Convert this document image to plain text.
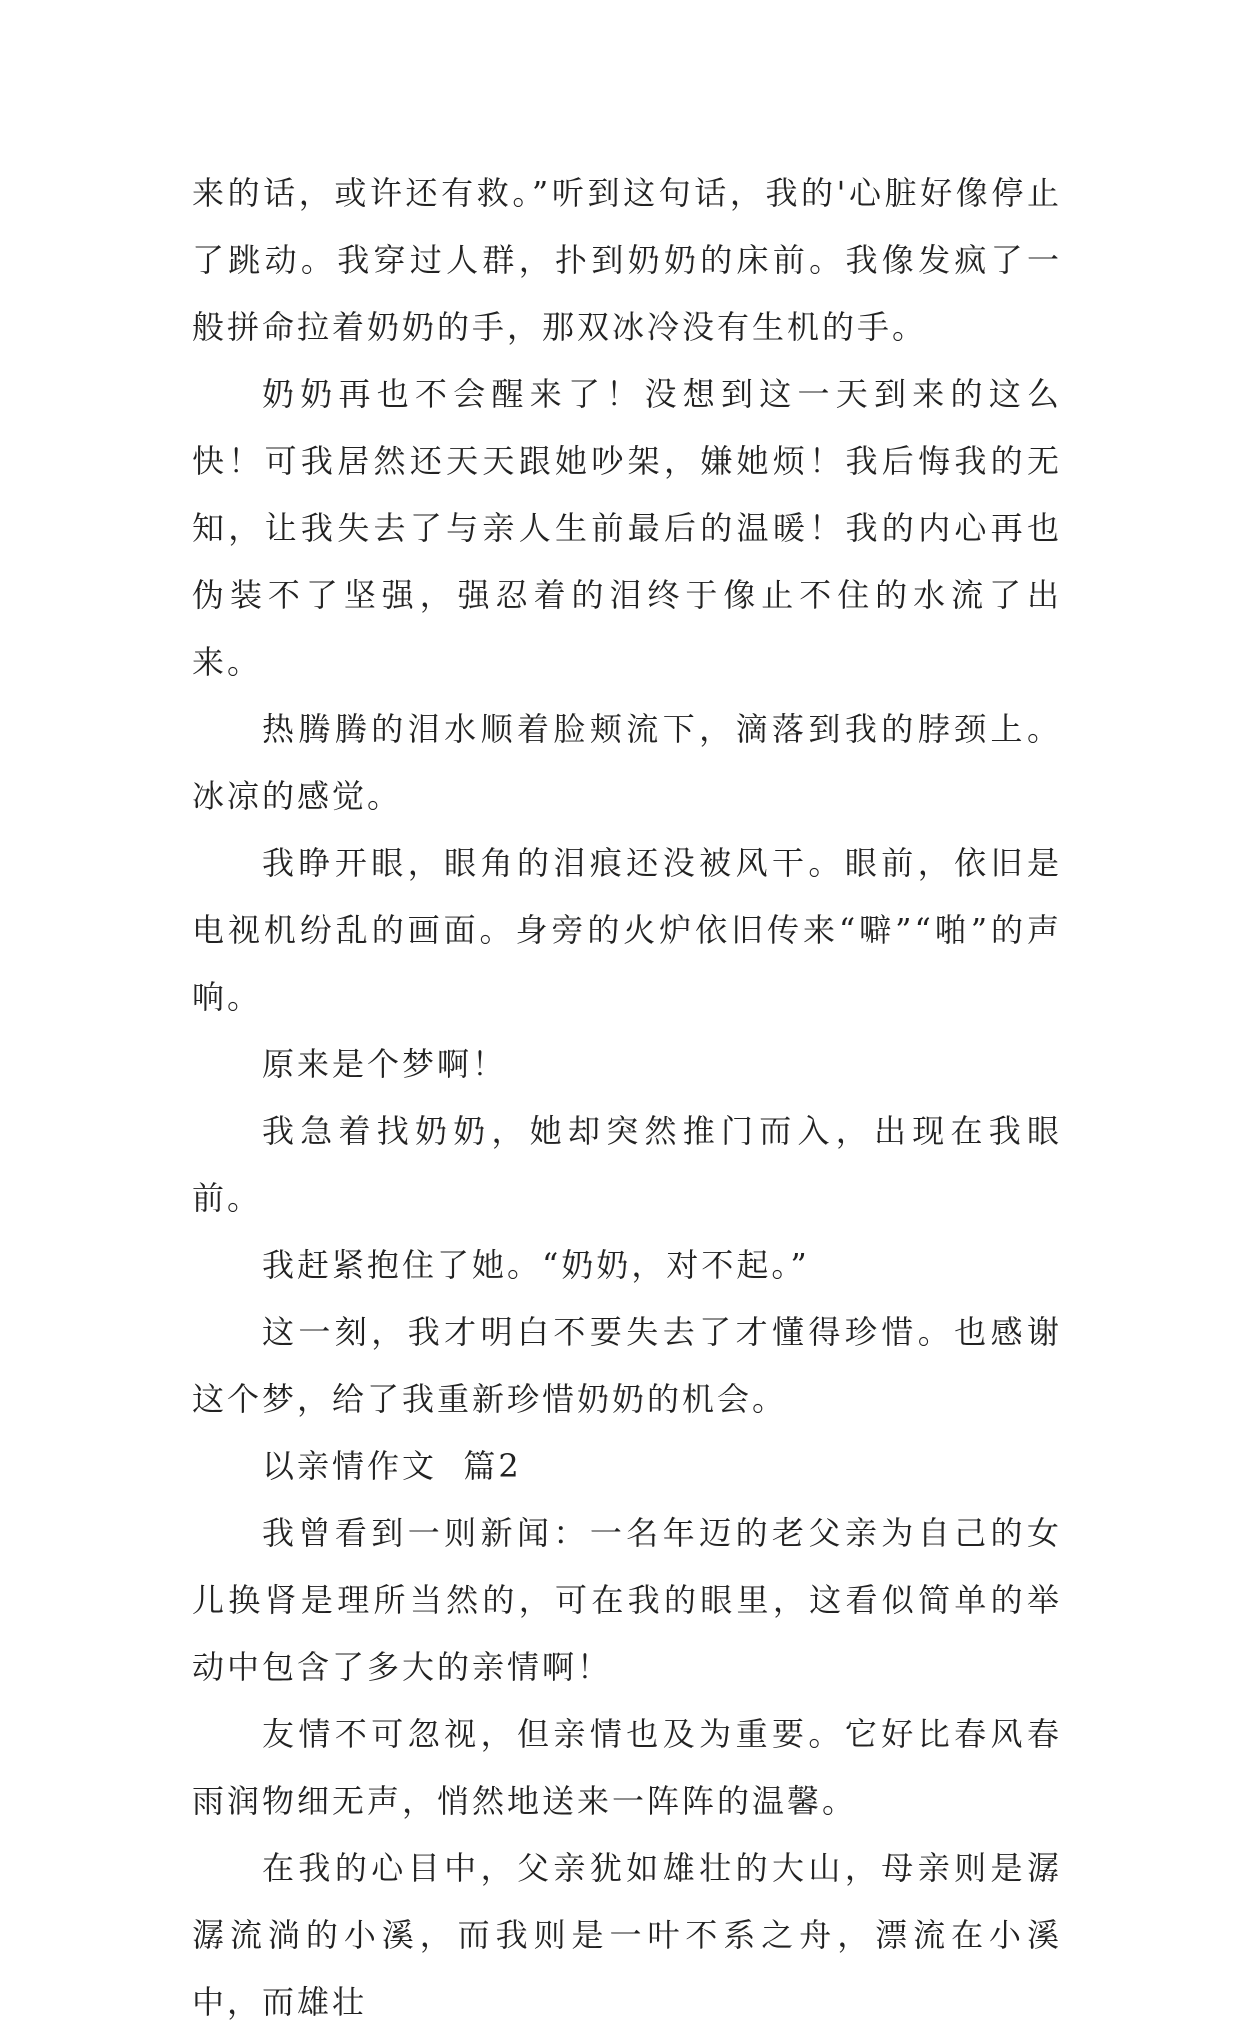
来的话，或许还有救。”听到这句话，我的'心脏好像停止了跳动。我穿过人群，扑到奶奶的床前。我像发疯了一般拼命拉着奶奶的手，那双冰冷没有生机的手。

奶奶再也不会醒来了！没想到这一天到来的这么快！可我居然还天天跟她吵架，嫌她烦！我后悔我的无知，让我失去了与亲人生前最后的温暖！我的内心再也伪装不了坚强，强忍着的泪终于像止不住的水流了出来。

热腾腾的泪水顺着脸颊流下，滴落到我的脖颈上。冰凉的感觉。

我睁开眼，眼角的泪痕还没被风干。眼前，依旧是电视机纷乱的画面。身旁的火炉依旧传来“噼”“啪”的声响。

原来是个梦啊！

我急着找奶奶，她却突然推门而入，出现在我眼前。

我赶紧抱住了她。“奶奶，对不起。”

这一刻，我才明白不要失去了才懂得珍惜。也感谢这个梦，给了我重新珍惜奶奶的机会。

以亲情作文  篇2

我曾看到一则新闻：一名年迈的老父亲为自己的女儿换肾是理所当然的，可在我的眼里，这看似简单的举动中包含了多大的亲情啊！

友情不可忽视，但亲情也及为重要。它好比春风春雨润物细无声，悄然地送来一阵阵的温馨。

在我的心目中，父亲犹如雄壮的大山，母亲则是潺潺流淌的小溪，而我则是一叶不系之舟，漂流在小溪中，而雄壮
